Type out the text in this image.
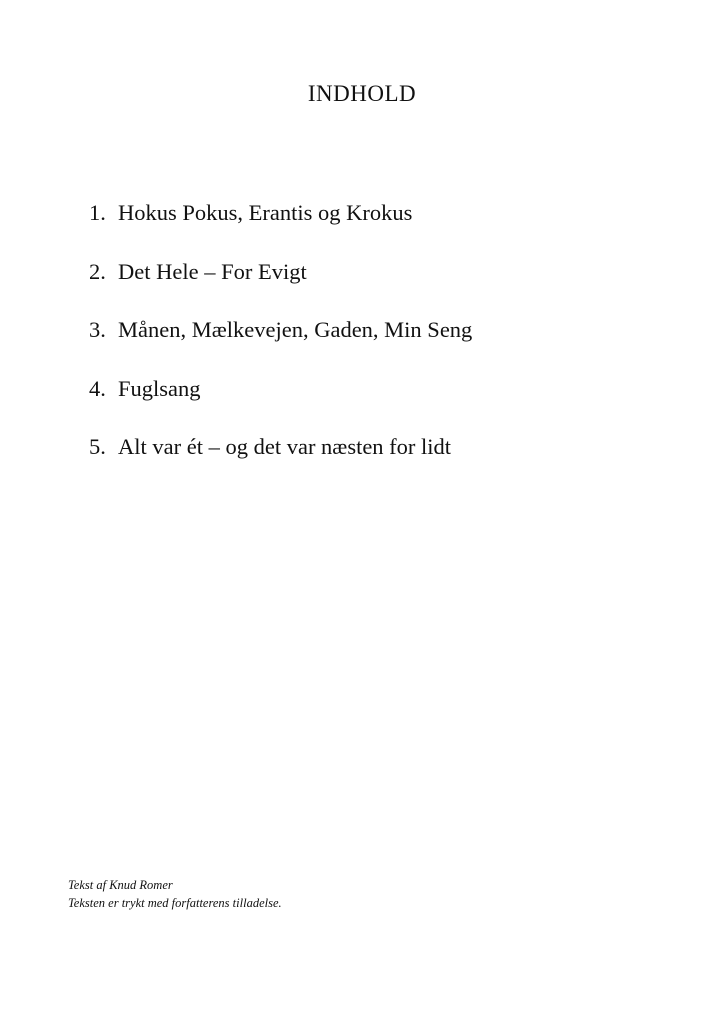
INDHOLD
1. Hokus Pokus, Erantis og Krokus
2. Det Hele – For Evigt
3. Månen, Mælkevejen, Gaden, Min Seng
4. Fuglsang
5. Alt var ét – og det var næsten for lidt
Tekst af Knud Romer
Teksten er trykt med forfatterens tilladelse.
